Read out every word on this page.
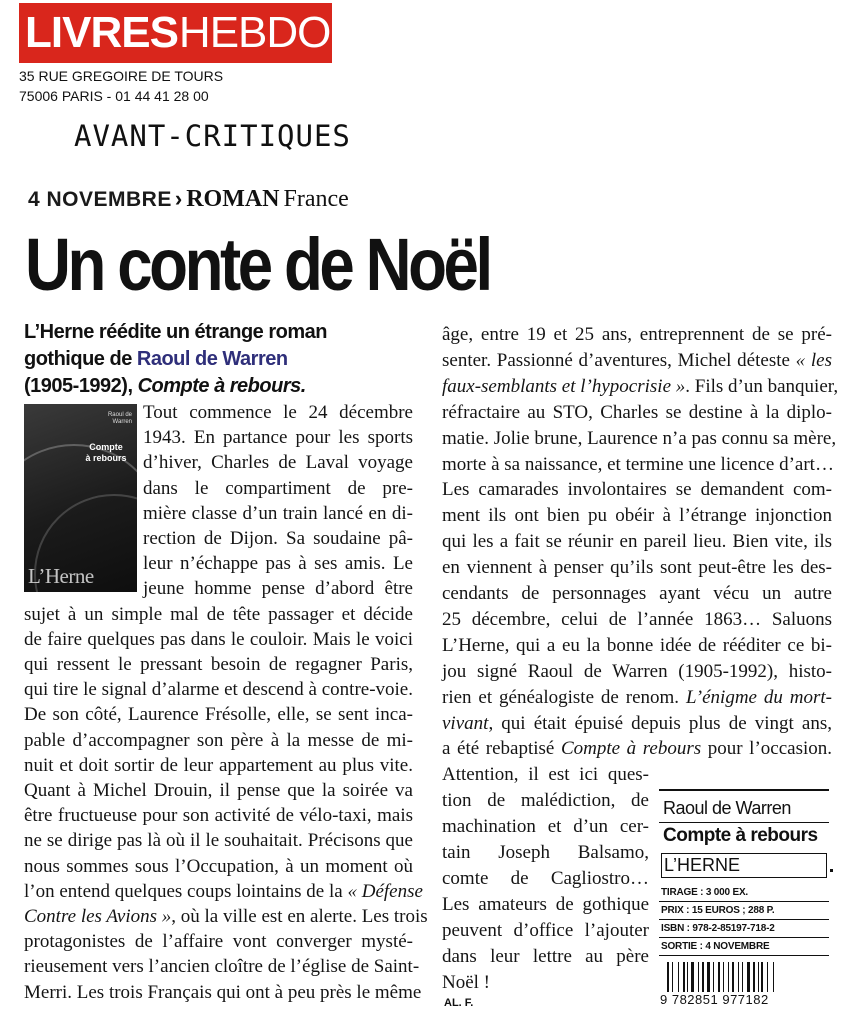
LIVRESHEBDO
35 RUE GREGOIRE DE TOURS
75006 PARIS - 01 44 41 28 00
AVANT-CRITIQUES
4 NOVEMBRE › ROMAN France
Un conte de Noël
L’Herne réédite un étrange roman
gothique de Raoul de Warren
(1905-1992), Compte à rebours.
Raoul de Warren
Compte
à rebours
L’Herne
AL. F.
Raoul de Warren
Compte à rebours
L’HERNE
TIRAGE : 3 000 EX.
PRIX : 15 EUROS ; 288 P.
ISBN : 978-2-85197-718-2
SORTIE : 4 NOVEMBRE
9 782851 977182
Tout commence le 24 décembre
1943. En partance pour les sports
d’hiver, Charles de Laval voyage
dans le compartiment de pre-
mière classe d’un train lancé en di-
rection de Dijon. Sa soudaine pâ-
leur n’échappe pas à ses amis. Le
jeune homme pense d’abord être
sujet à un simple mal de tête passager et décide
de faire quelques pas dans le couloir. Mais le voici
qui ressent le pressant besoin de regagner Paris,
qui tire le signal d’alarme et descend à contre-voie.
De son côté, Laurence Frésolle, elle, se sent inca-
pable d’accompagner son père à la messe de mi-
nuit et doit sortir de leur appartement au plus vite.
Quant à Michel Drouin, il pense que la soirée va
être fructueuse pour son activité de vélo-taxi, mais
ne se dirige pas là où il le souhaitait. Précisons que
nous sommes sous l’Occupation, à un moment où
l’on entend quelques coups lointains de la « Défense
Contre les Avions », où la ville est en alerte. Les trois
protagonistes de l’affaire vont converger mysté-
rieusement vers l’ancien cloître de l’église de Saint-
Merri. Les trois Français qui ont à peu près le même
âge, entre 19 et 25 ans, entreprennent de se pré-
senter. Passionné d’aventures, Michel déteste « les
faux-semblants et l’hypocrisie ». Fils d’un banquier,
réfractaire au STO, Charles se destine à la diplo-
matie. Jolie brune, Laurence n’a pas connu sa mère,
morte à sa naissance, et termine une licence d’art…
Les camarades involontaires se demandent com-
ment ils ont bien pu obéir à l’étrange injonction
qui les a fait se réunir en pareil lieu. Bien vite, ils
en viennent à penser qu’ils sont peut-être les des-
cendants de personnages ayant vécu un autre
25 décembre, celui de l’année 1863… Saluons
L’Herne, qui a eu la bonne idée de rééditer ce bi-
jou signé Raoul de Warren (1905-1992), histo-
rien et généalogiste de renom. L’énigme du mort-
vivant, qui était épuisé depuis plus de vingt ans,
a été rebaptisé Compte à rebours pour l’occasion.
Attention, il est ici ques-
tion de malédiction, de
machination et d’un cer-
tain Joseph Balsamo,
comte de Cagliostro…
Les amateurs de gothique
peuvent d’office l’ajouter
dans leur lettre au père
Noël !
